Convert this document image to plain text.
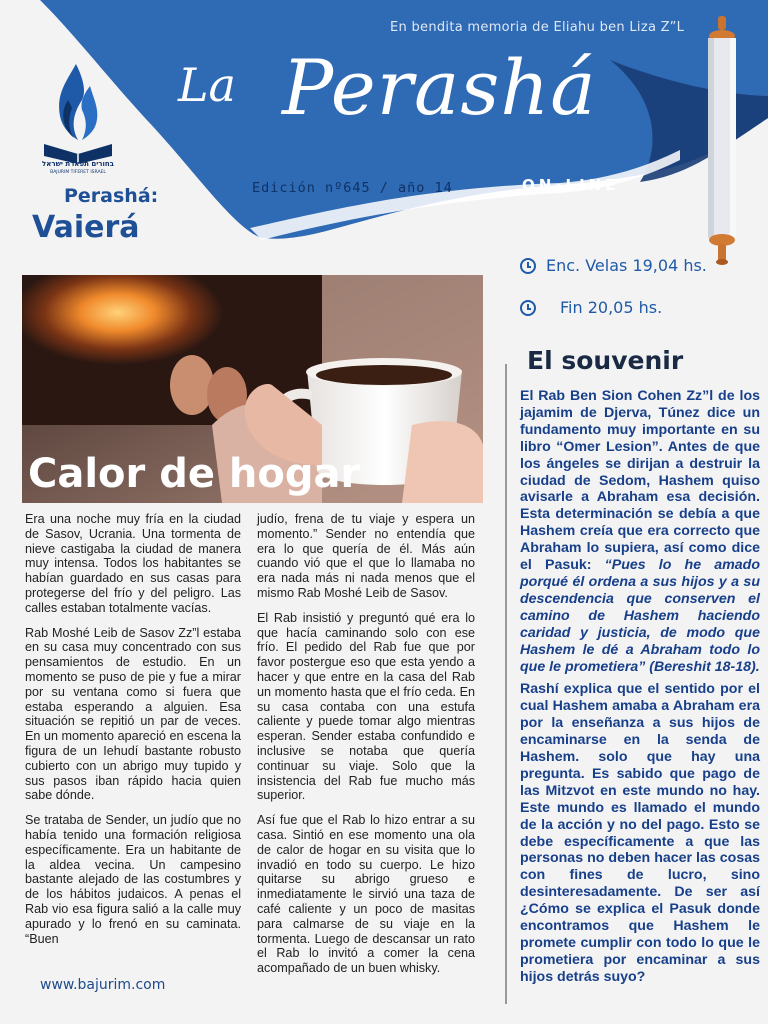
En bendita memoria de Eliahu ben Liza Z”L
La Perashá
Edición nº645 / año 14	ON-LINE
בחורים תפארת ישראל
BAJURIM TIFERET ISRAEL
Perashá:
Vaierá
Enc. Velas 19,04 hs.
Fin 20,05 hs.
Calor de hogar

Era una noche muy fría en la ciudad de Sasov, Ucrania. Una tormenta de nieve castigaba la ciudad de manera muy intensa. Todos los habitantes se habían guardado en sus casas para protegerse del frío y del peligro. Las calles estaban totalmente vacías.

Rab Moshé Leib de Sasov Zz”l estaba en su casa muy concentrado con sus pensamientos de estudio. En un momento se puso de pie y fue a mirar por su ventana como si fuera que estaba esperando a alguien. Esa situación se repitió un par de veces. En un momento apareció en escena la figura de un Iehudí bastante robusto cubierto con un abrigo muy tupido y sus pasos iban rápido hacia quien sabe dónde.

Se trataba de Sender, un judío que no había tenido una formación religiosa específicamente. Era un habitante de la aldea vecina. Un campesino bastante alejado de las costumbres y de los hábitos judaicos. A penas el Rab vio esa figura salió a la calle muy apurado y lo frenó en su caminata. “Buen

judío, frena de tu viaje y espera un momento.” Sender no entendía que era lo que quería de él. Más aún cuando vió que el que lo llamaba no era nada más ni nada menos que el mismo Rab Moshé Leib de Sasov.

El Rab insistió y preguntó qué era lo que hacía caminando solo con ese frío. El pedido del Rab fue que por favor postergue eso que esta yendo a hacer y que entre en la casa del Rab un momento hasta que el frío ceda. En su casa contaba con una estufa caliente y puede tomar algo mientras esperan. Sender estaba confundido e inclusive se notaba que quería continuar su viaje. Solo que la insistencia del Rab fue mucho más superior.

Así fue que el Rab lo hizo entrar a su casa. Sintió en ese momento una ola de calor de hogar en su visita que lo invadió en todo su cuerpo. Le hizo quitarse su abrigo grueso e inmediatamente le sirvió una taza de café caliente y un poco de masitas para calmarse de su viaje en la tormenta. Luego de descansar un rato el Rab lo invitó a comer la cena acompañado de un buen whisky.

El souvenir

El Rab Ben Sion Cohen Zz”l de los jajamim de Djerva, Túnez dice un fundamento muy importante en su libro “Omer Lesion”. Antes de que los ángeles se dirijan a destruir la ciudad de Sedom, Hashem quiso avisarle a Abraham esa decisión. Esta determinación se debía a que Hashem creía que era correcto que Abraham lo supiera, así como dice el Pasuk: “Pues lo he amado porqué él ordena a sus hijos y a su descendencia que conserven el camino de Hashem haciendo caridad y justicia, de modo que Hashem le dé a Abraham todo lo que le prometiera” (Bereshit 18-18).

Rashí explica que el sentido por el cual Hashem amaba a Abraham era por la enseñanza a sus hijos de encaminarse en la senda de Hashem. solo que hay una pregunta. Es sabido que pago de las Mitzvot en este mundo no hay. Este mundo es llamado el mundo de la acción y no del pago. Esto se debe específicamente a que las personas no deben hacer las cosas con fines de lucro, sino desinteresadamente. De ser así ¿Cómo se explica el Pasuk donde encontramos que Hashem le promete cumplir con todo lo que le prometiera por encaminar a sus hijos detrás suyo?

www.bajurim.com
